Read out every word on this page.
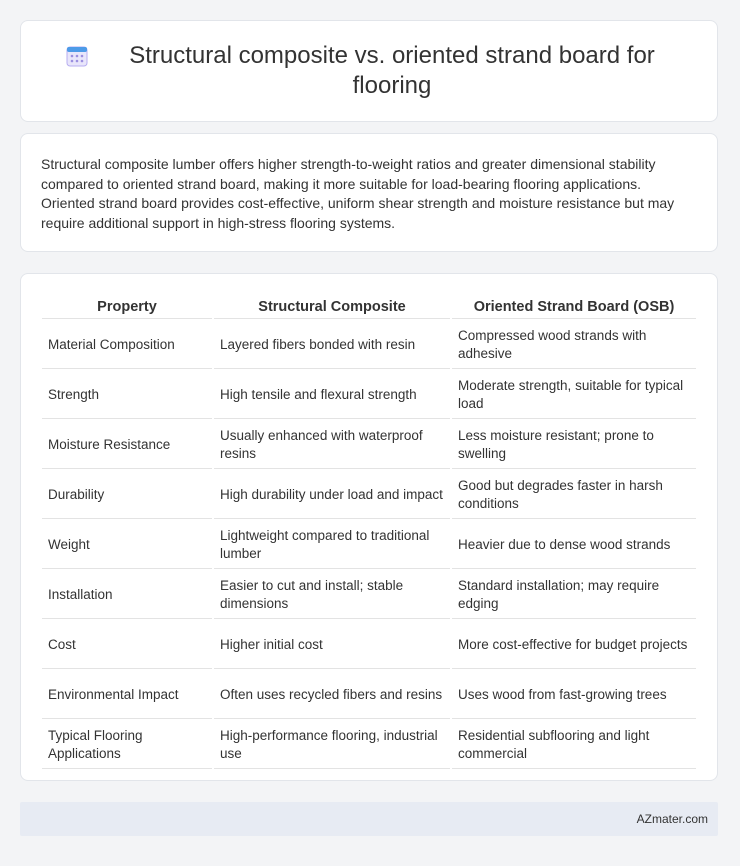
Structural composite vs. oriented strand board for flooring

Structural composite lumber offers higher strength-to-weight ratios and greater dimensional stability compared to oriented strand board, making it more suitable for load-bearing flooring applications. Oriented strand board provides cost-effective, uniform shear strength and moisture resistance but may require additional support in high-stress flooring systems.

Property	Structural Composite	Oriented Strand Board (OSB)
Material Composition	Layered fibers bonded with resin	Compressed wood strands with adhesive
Strength	High tensile and flexural strength	Moderate strength, suitable for typical load
Moisture Resistance	Usually enhanced with waterproof resins	Less moisture resistant; prone to swelling
Durability	High durability under load and impact	Good but degrades faster in harsh conditions
Weight	Lightweight compared to traditional lumber	Heavier due to dense wood strands
Installation	Easier to cut and install; stable dimensions	Standard installation; may require edging
Cost	Higher initial cost	More cost-effective for budget projects
Environmental Impact	Often uses recycled fibers and resins	Uses wood from fast-growing trees
Typical Flooring Applications	High-performance flooring, industrial use	Residential subflooring and light commercial
AZmater.com
